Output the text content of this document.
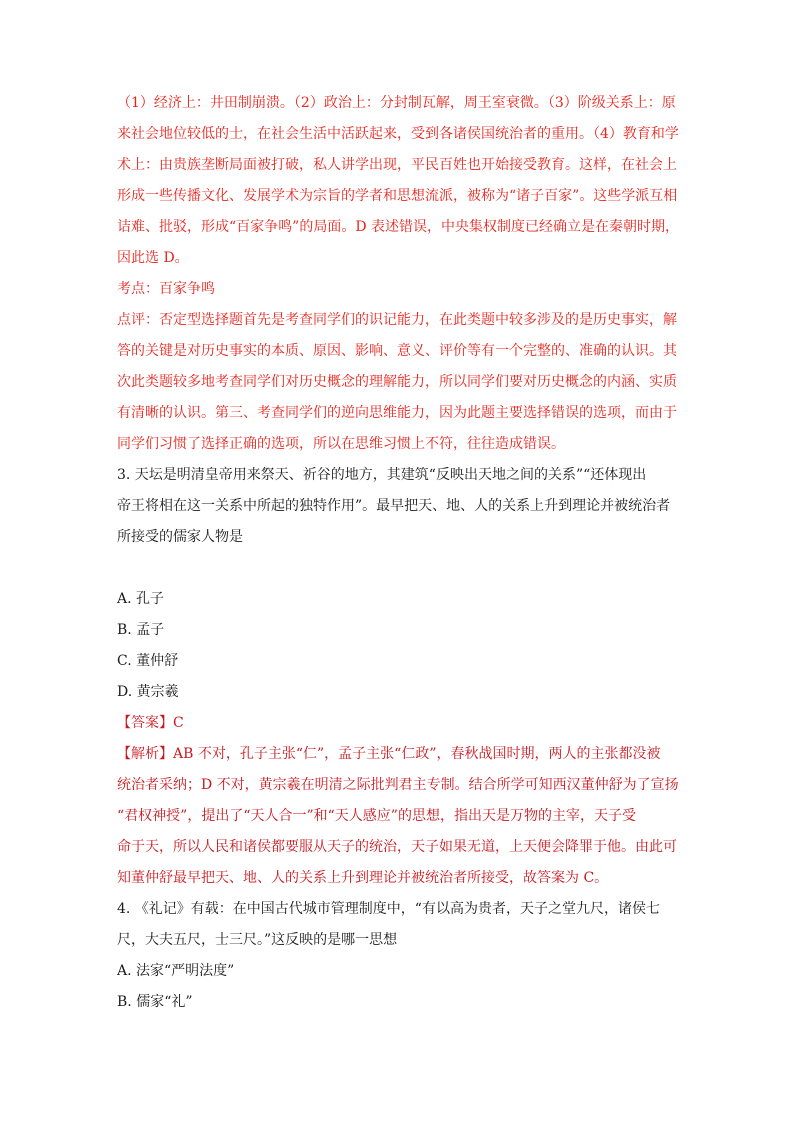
（1）经济上：井田制崩溃。（2）政治上：分封制瓦解，周王室衰微。（3）阶级关系上：原
来社会地位较低的士，在社会生活中活跃起来，受到各诸侯国统治者的重用。（4）教育和学
术上：由贵族垄断局面被打破，私人讲学出现，平民百姓也开始接受教育。这样，在社会上
形成一些传播文化、发展学术为宗旨的学者和思想流派，被称为“诸子百家”。这些学派互相
诘难、批驳，形成“百家争鸣”的局面。D 表述错误，中央集权制度已经确立是在秦朝时期，
因此选 D。
考点：百家争鸣
点评：否定型选择题首先是考查同学们的识记能力，在此类题中较多涉及的是历史事实，解
答的关键是对历史事实的本质、原因、影响、意义、评价等有一个完整的、准确的认识。其
次此类题较多地考查同学们对历史概念的理解能力，所以同学们要对历史概念的内涵、实质
有清晰的认识。第三、考查同学们的逆向思维能力，因为此题主要选择错误的选项，而由于
同学们习惯了选择正确的选项，所以在思维习惯上不符，往往造成错误。
3. 天坛是明清皇帝用来祭天、祈谷的地方，其建筑“反映出天地之间的关系”“还体现出
帝王将相在这一关系中所起的独特作用”。最早把天、地、人的关系上升到理论并被统治者
所接受的儒家人物是
A. 孔子
B. 孟子
C. 董仲舒
D. 黄宗羲
【答案】C
【解析】AB 不对，孔子主张“仁”，孟子主张“仁政”，春秋战国时期，两人的主张都没被
统治者采纳；D 不对，黄宗羲在明清之际批判君主专制。结合所学可知西汉董仲舒为了宣扬
“君权神授”，提出了“天人合一”和“天人感应”的思想，指出天是万物的主宰，天子受
命于天，所以人民和诸侯都要服从天子的统治，天子如果无道，上天便会降罪于他。由此可
知董仲舒最早把天、地、人的关系上升到理论并被统治者所接受，故答案为 C。
4. 《礼记》有载：在中国古代城市管理制度中，“有以高为贵者，天子之堂九尺，诸侯七
尺，大夫五尺，士三尺。”这反映的是哪一思想
A. 法家“严明法度”
B. 儒家“礼”
